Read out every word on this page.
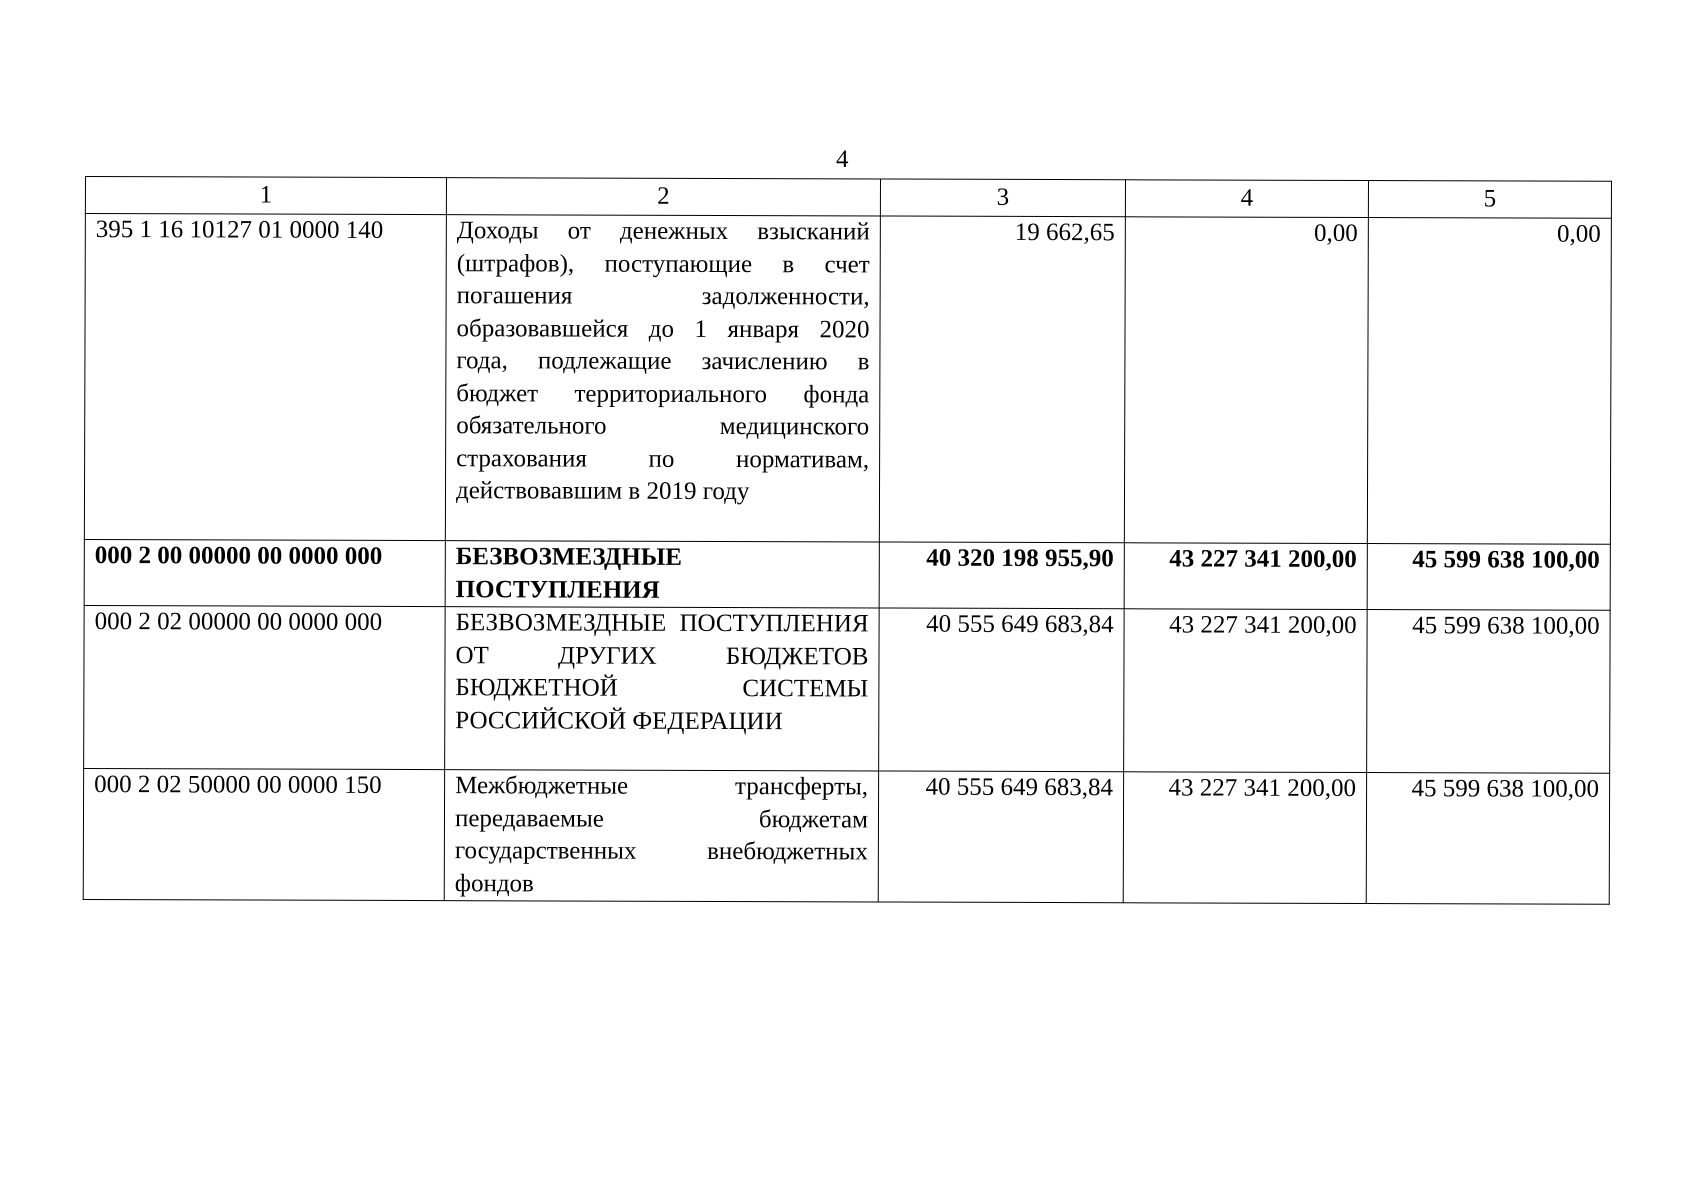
4
1	2	3	4	5
395 1 16 10127 01 0000 140	Доходы от денежных взысканий (штрафов), поступающие в счет погашения задолженности, образовавшейся до 1 января 2020 года, подлежащие зачислению в бюджет территориального фонда обязательного медицинского страхования по нормативам, действовавшим в 2019 году	19 662,65	0,00	0,00
000 2 00 00000 00 0000 000	БЕЗВОЗМЕЗДНЫЕ ПОСТУПЛЕНИЯ	40 320 198 955,90	43 227 341 200,00	45 599 638 100,00
000 2 02 00000 00 0000 000	БЕЗВОЗМЕЗДНЫЕ ПОСТУПЛЕНИЯ ОТ ДРУГИХ БЮДЖЕТОВ БЮДЖЕТНОЙ СИСТЕМЫ РОССИЙСКОЙ ФЕДЕРАЦИИ	40 555 649 683,84	43 227 341 200,00	45 599 638 100,00
000 2 02 50000 00 0000 150	Межбюджетные трансферты, передаваемые бюджетам государственных внебюджетных фондов	40 555 649 683,84	43 227 341 200,00	45 599 638 100,00
